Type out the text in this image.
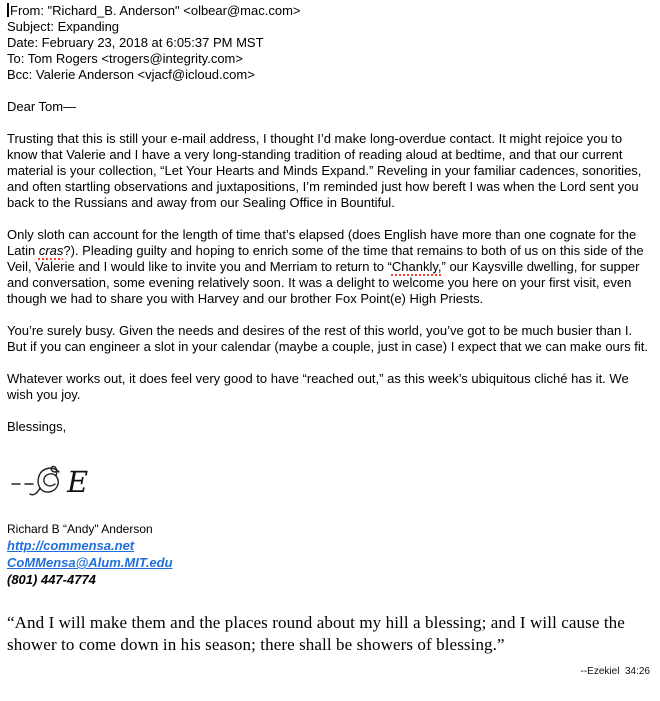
From: "Richard_B. Anderson" <olbear@mac.com>
Subject: Expanding
Date: February 23, 2018 at 6:05:37 PM MST
To: Tom Rogers <trogers@integrity.com>
Bcc: Valerie Anderson <vjacf@icloud.com>
Dear Tom—
Trusting that this is still your e-mail address, I thought I’d make long-overdue contact. It might rejoice you to know that Valerie and I have a very long-standing tradition of reading aloud at bedtime, and that our current material is your collection, “Let Your Hearts and Minds Expand.” Reveling in your familiar cadences, sonorities, and often startling observations and juxtapositions, I’m reminded just how bereft I was when the Lord sent you back to the Russians and away from our Sealing Office in Bountiful.
Only sloth can account for the length of time that’s elapsed (does English have more than one cognate for the Latin cras?). Pleading guilty and hoping to enrich some of the time that remains to both of us on this side of the Veil, Valerie and I would like to invite you and Merriam to return to “Chankly,” our Kaysville dwelling, for supper and conversation, some evening relatively soon. It was a delight to welcome you here on your first visit, even though we had to share you with Harvey and our brother Fox Point(e) High Priests.
You’re surely busy. Given the needs and desires of the rest of this world, you’ve got to be much busier than I. But if you can engineer a slot in your calendar (maybe a couple, just in case) I expect that we can make ours fit.
Whatever works out, it does feel very good to have “reached out,” as this week’s ubiquitous cliché has it. We wish you joy.
Blessings,
E
Richard B “Andy" Anderson
http://commensa.net
CoMMensa@Alum.MIT.edu
(801) 447-4774
“And I will make them and the places round about my hill a blessing; and I will cause the shower to come down in his season; there shall be showers of blessing.”
--Ezekiel  34:26
